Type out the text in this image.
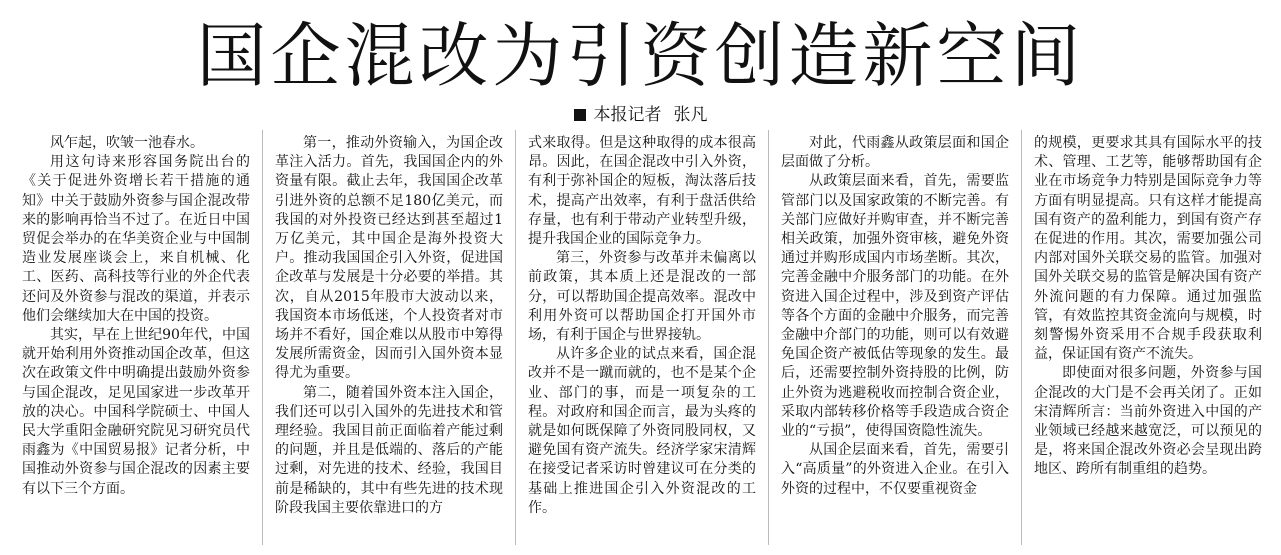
国企混改为引资创造新空间
本报记者 张凡

风乍起，吹皱一池春水。

用这句诗来形容国务院出台的《关于促进外资增长若干措施的通知》中关于鼓励外资参与国企混改带来的影响再恰当不过了。在近日中国贸促会举办的在华美资企业与中国制造业发展座谈会上，来自机械、化工、医药、高科技等行业的外企代表还问及外资参与混改的渠道，并表示他们会继续加大在中国的投资。

其实，早在上世纪90年代，中国就开始利用外资推动国企改革，但这次在政策文件中明确提出鼓励外资参与国企混改，足见国家进一步改革开放的决心。中国科学院硕士、中国人民大学重阳金融研究院见习研究员代雨鑫为《中国贸易报》记者分析，中国推动外资参与国企混改的因素主要有以下三个方面。

第一，推动外资输入，为国企改革注入活力。首先，我国国企内的外资量有限。截止去年，我国国企改革引进外资的总额不足180亿美元，而我国的对外投资已经达到甚至超过1万亿美元，其中国企是海外投资大户。推动我国国企引入外资，促进国企改革与发展是十分必要的举措。其次，自从2015年股市大波动以来，我国资本市场低迷，个人投资者对市场并不看好，国企难以从股市中筹得发展所需资金，因而引入国外资本显得尤为重要。

第二，随着国外资本注入国企，我们还可以引入国外的先进技术和管理经验。我国目前正面临着产能过剩的问题，并且是低端的、落后的产能过剩，对先进的技术、经验，我国目前是稀缺的，其中有些先进的技术现阶段我国主要依靠进口的方

式来取得。但是这种取得的成本很高昂。因此，在国企混改中引入外资，有利于弥补国企的短板，淘汰落后技术，提高产出效率，有利于盘活供给存量，也有利于带动产业转型升级，提升我国企业的国际竞争力。

第三，外资参与改革并未偏离以前政策，其本质上还是混改的一部分，可以帮助国企提高效率。混改中利用外资可以帮助国企打开国外市场，有利于国企与世界接轨。

从许多企业的试点来看，国企混改并不是一蹴而就的，也不是某个企业、部门的事，而是一项复杂的工程。对政府和国企而言，最为头疼的就是如何既保障了外资同股同权，又避免国有资产流失。经济学家宋清辉在接受记者采访时曾建议可在分类的基础上推进国企引入外资混改的工作。

对此，代雨鑫从政策层面和国企层面做了分析。

从政策层面来看，首先，需要监管部门以及国家政策的不断完善。有关部门应做好并购审查，并不断完善相关政策，加强外资审核，避免外资通过并购形成国内市场垄断。其次，完善金融中介服务部门的功能。在外资进入国企过程中，涉及到资产评估等各个方面的金融中介服务，而完善金融中介部门的功能，则可以有效避免国企资产被低估等现象的发生。最后，还需要控制外资持股的比例，防止外资为逃避税收而控制合资企业，采取内部转移价格等手段造成合资企业的“亏损”，使得国资隐性流失。

从国企层面来看，首先，需要引入“高质量”的外资进入企业。在引入外资的过程中，不仅要重视资金

的规模，更要求其具有国际水平的技术、管理、工艺等，能够帮助国有企业在市场竞争力特别是国际竞争力等方面有明显提高。只有这样才能提高国有资产的盈利能力，到国有资产存在促进的作用。其次，需要加强公司内部对国外关联交易的监管。加强对国外关联交易的监管是解决国有资产外流问题的有力保障。通过加强监管，有效监控其资金流向与规模，时刻警惕外资采用不合规手段获取利益，保证国有资产不流失。

即使面对很多问题，外资参与国企混改的大门是不会再关闭了。正如宋清辉所言：当前外资进入中国的产业领域已经越来越宽泛，可以预见的是，将来国企混改外资必会呈现出跨地区、跨所有制重组的趋势。
